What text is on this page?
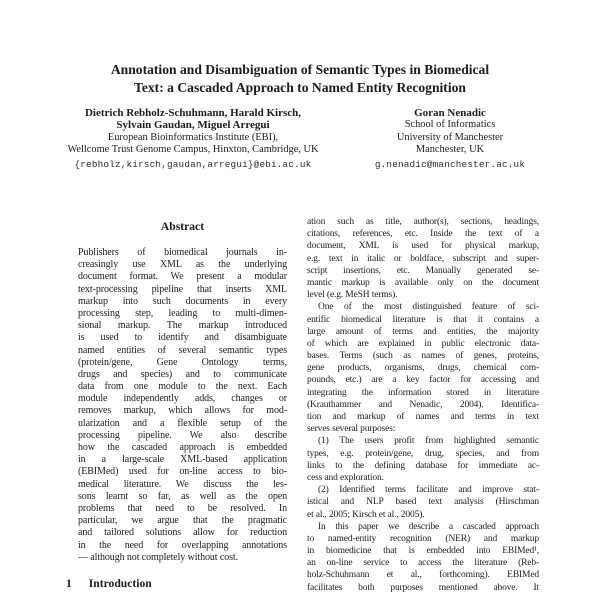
Annotation and Disambiguation of Semantic Types in Biomedical
Text: a Cascaded Approach to Named Entity Recognition
Dietrich Rebholz-Schuhmann, Harald Kirsch,
Sylvain Gaudan, Miguel Arregui
European Bioinformatics Institute (EBI),
Wellcome Trust Genome Campus, Hinxton, Cambridge, UK
{rebholz,kirsch,gaudan,arregui}@ebi.ac.uk
Goran Nenadic
School of Informatics
University of Manchester
Manchester, UK
g.nenadic@manchester.ac.uk
Abstract
Publishers of biomedical journals in-
creasingly use XML as the underlying
document format. We present a modular
text-processing pipeline that inserts XML
markup into such documents in every
processing step, leading to multi-dimen-
sional markup. The markup introduced
is used to identify and disambiguate
named entities of several semantic types
(protein/gene, Gene Ontology terms,
drugs and species) and to communicate
data from one module to the next. Each
module independently adds, changes or
removes markup, which allows for mod-
ularization and a flexible setup of the
processing pipeline. We also describe
how the cascaded approach is embedded
in a large-scale XML-based application
(EBIMed) used for on-line access to bio-
medical literature. We discuss the les-
sons learnt so far, as well as the open
problems that need to be resolved. In
particular, we argue that the pragmatic
and tailored solutions allow for reduction
in the need for overlapping annotations
— although not completely without cost.
1 Introduction
ation such as title, author(s), sections, headings,
citations, references, etc. Inside the text of a
document, XML is used for physical markup,
e.g. text in italic or boldface, subscript and super-
script insertions, etc. Manually generated se-
mantic markup is available only on the document
level (e.g. MeSH terms).
One of the most distinguished feature of sci-
entific biomedical literature is that it contains a
large amount of terms and entities, the majority
of which are explained in public electronic data-
bases. Terms (such as names of genes, proteins,
gene products, organisms, drugs, chemical com-
pounds, etc.) are a key factor for accessing and
integrating the information stored in literature
(Krauthammer and Nenadic, 2004). Identifica-
tion and markup of names and terms in text
serves several purposes:
(1) The users profit from highlighted semantic
types, e.g. protein/gene, drug, species, and from
links to the defining database for immediate ac-
cess and exploration.
(2) Identified terms facilitate and improve stat-
istical and NLP based text analysis (Hirschman
et al., 2005; Kirsch et al., 2005).
In this paper we describe a cascaded approach
to named-entity recognition (NER) and markup
in biomedicine that is embedded into EBIMed¹,
an on-line service to access the literature (Reb-
holz-Schuhmann et al., forthcoming). EBIMed
facilitates both purposes mentioned above. It
